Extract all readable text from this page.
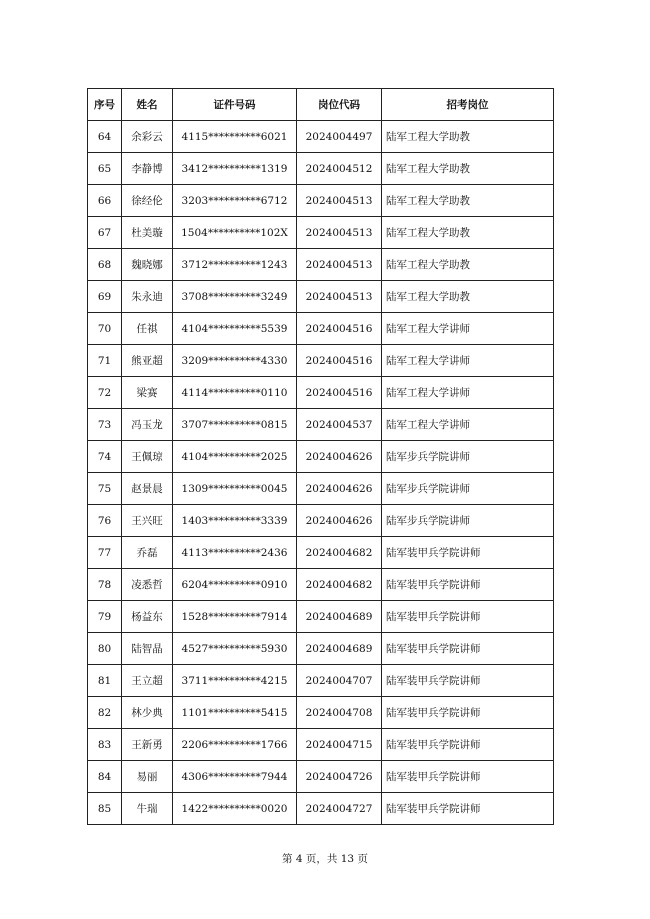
序号	姓名	证件号码	岗位代码	招考岗位
64	余彩云	4115**********6021	2024004497	陆军工程大学助教
65	李静博	3412**********1319	2024004512	陆军工程大学助教
66	徐经伦	3203**********6712	2024004513	陆军工程大学助教
67	杜美璇	1504**********102X	2024004513	陆军工程大学助教
68	魏晓娜	3712**********1243	2024004513	陆军工程大学助教
69	朱永迪	3708**********3249	2024004513	陆军工程大学助教
70	任祺	4104**********5539	2024004516	陆军工程大学讲师
71	熊亚超	3209**********4330	2024004516	陆军工程大学讲师
72	梁赛	4114**********0110	2024004516	陆军工程大学讲师
73	冯玉龙	3707**********0815	2024004537	陆军工程大学讲师
74	王佩琼	4104**********2025	2024004626	陆军步兵学院讲师
75	赵景晨	1309**********0045	2024004626	陆军步兵学院讲师
76	王兴旺	1403**********3339	2024004626	陆军步兵学院讲师
77	乔磊	4113**********2436	2024004682	陆军装甲兵学院讲师
78	凌悉哲	6204**********0910	2024004682	陆军装甲兵学院讲师
79	杨益东	1528**********7914	2024004689	陆军装甲兵学院讲师
80	陆智晶	4527**********5930	2024004689	陆军装甲兵学院讲师
81	王立超	3711**********4215	2024004707	陆军装甲兵学院讲师
82	林少典	1101**********5415	2024004708	陆军装甲兵学院讲师
83	王新勇	2206**********1766	2024004715	陆军装甲兵学院讲师
84	易丽	4306**********7944	2024004726	陆军装甲兵学院讲师
85	牛瑞	1422**********0020	2024004727	陆军装甲兵学院讲师
第 4 页，共 13 页
